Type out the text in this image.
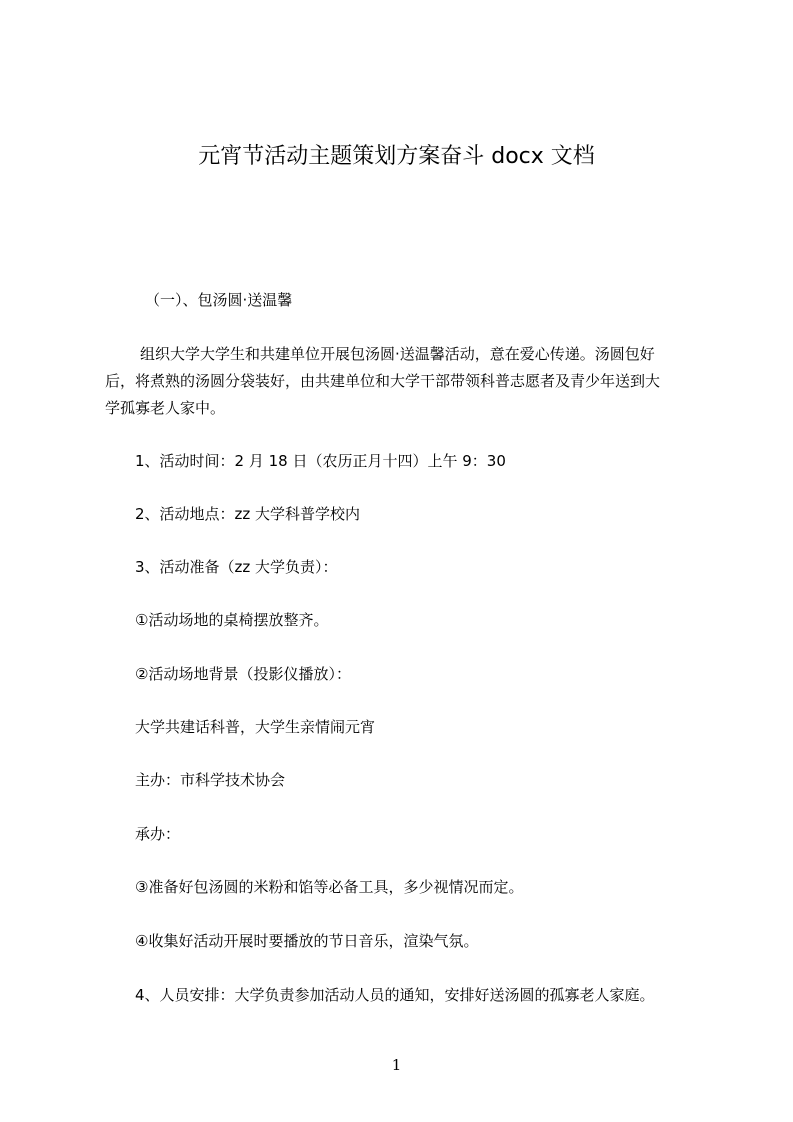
元宵节活动主题策划方案奋斗 docx 文档
（一）、包汤圆·送温馨
组织大学大学生和共建单位开展包汤圆·送温馨活动，意在爱心传递。汤圆包好
后，将煮熟的汤圆分袋装好，由共建单位和大学干部带领科普志愿者及青少年送到大
学孤寡老人家中。
1、活动时间：2 月 18 日（农历正月十四）上午 9：30
2、活动地点：zz 大学科普学校内
3、活动准备（zz 大学负责）：
①活动场地的桌椅摆放整齐。
②活动场地背景（投影仪播放）：
大学共建话科普，大学生亲情闹元宵
主办：市科学技术协会
承办：
③准备好包汤圆的米粉和馅等必备工具，多少视情况而定。
④收集好活动开展时要播放的节日音乐，渲染气氛。
4、人员安排：大学负责参加活动人员的通知，安排好送汤圆的孤寡老人家庭。
1
